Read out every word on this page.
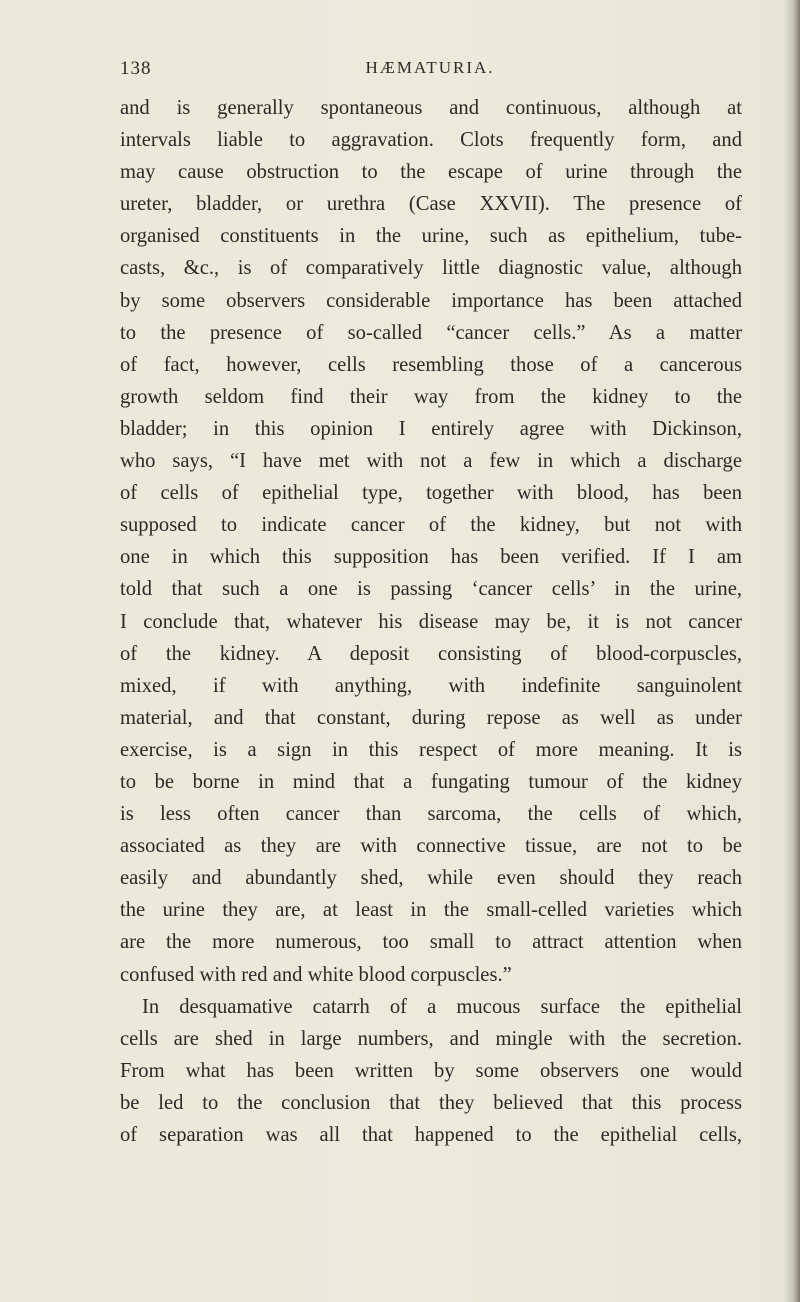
138	HÆMATURIA.
and is generally spontaneous and continuous, although at
intervals liable to aggravation. Clots frequently form, and
may cause obstruction to the escape of urine through the
ureter, bladder, or urethra (Case XXVII). The presence of
organised constituents in the urine, such as epithelium, tube-
casts, &c., is of comparatively little diagnostic value, although
by some observers considerable importance has been attached
to the presence of so-called “cancer cells.” As a matter
of fact, however, cells resembling those of a cancerous
growth seldom find their way from the kidney to the
bladder; in this opinion I entirely agree with Dickinson,
who says, “I have met with not a few in which a discharge
of cells of epithelial type, together with blood, has been
supposed to indicate cancer of the kidney, but not with
one in which this supposition has been verified. If I am
told that such a one is passing ‘cancer cells’ in the urine,
I conclude that, whatever his disease may be, it is not cancer
of the kidney. A deposit consisting of blood-corpuscles,
mixed, if with anything, with indefinite sanguinolent
material, and that constant, during repose as well as under
exercise, is a sign in this respect of more meaning. It is
to be borne in mind that a fungating tumour of the kidney
is less often cancer than sarcoma, the cells of which,
associated as they are with connective tissue, are not to be
easily and abundantly shed, while even should they reach
the urine they are, at least in the small-celled varieties which
are the more numerous, too small to attract attention when
confused with red and white blood corpuscles.”
In desquamative catarrh of a mucous surface the epithelial
cells are shed in large numbers, and mingle with the secretion.
From what has been written by some observers one would
be led to the conclusion that they believed that this process
of separation was all that happened to the epithelial cells,
